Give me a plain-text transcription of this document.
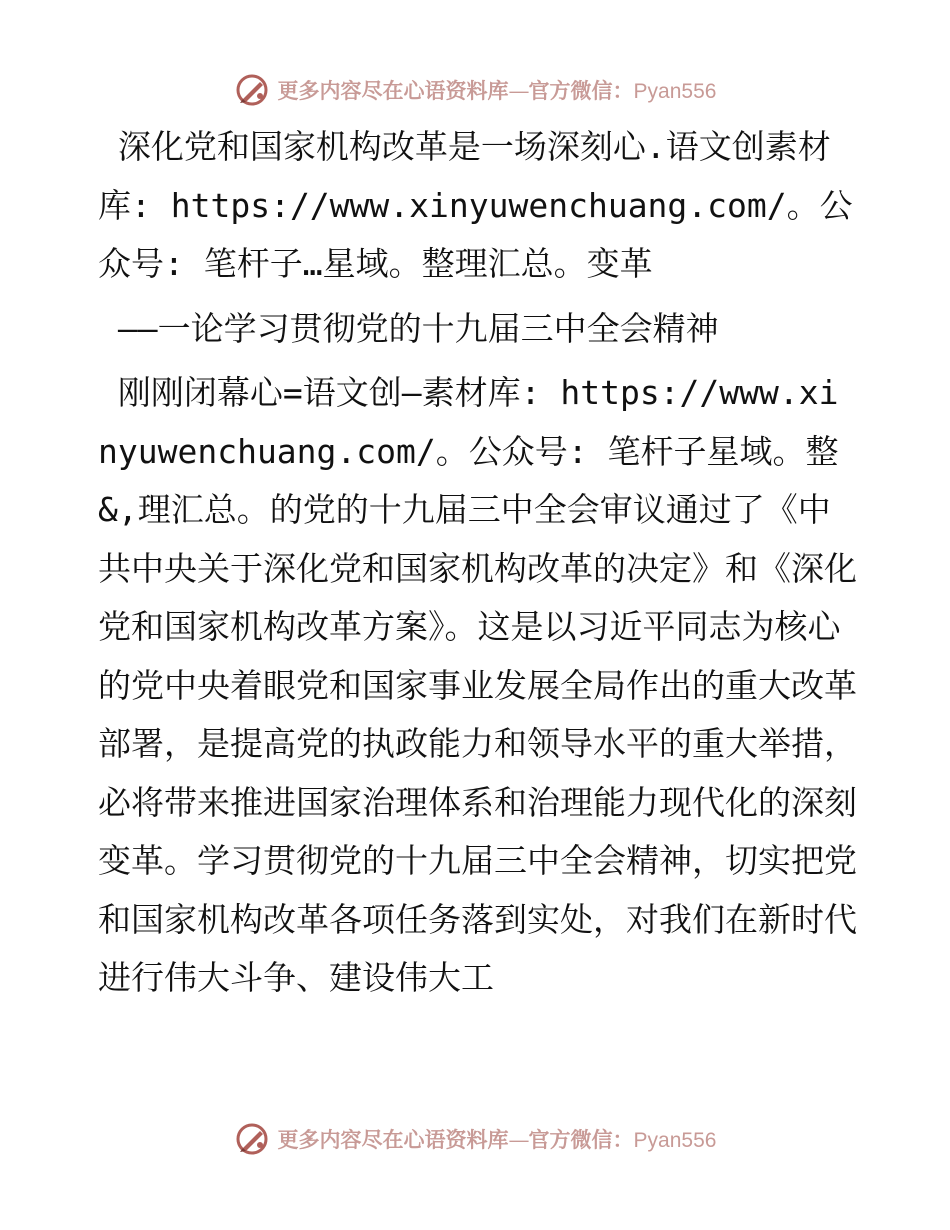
更多内容尽在心语资料库—官方微信：Pyan556

深化党和国家机构改革是一场深刻心.语文创素材库: https://www.xinyuwenchuang.com/。公众号: 笔杆子…星域。整理汇总。变革

——一论学习贯彻党的十九届三中全会精神

刚刚闭幕心=语文创—素材库: https://www.xinyuwenchuang.com/。公众号: 笔杆子星域。整&,理汇总。的党的十九届三中全会审议通过了《中共中央关于深化党和国家机构改革的决定》和《深化党和国家机构改革方案》。这是以习近平同志为核心的党中央着眼党和国家事业发展全局作出的重大改革部署，是提高党的执政能力和领导水平的重大举措，必将带来推进国家治理体系和治理能力现代化的深刻变革。学习贯彻党的十九届三中全会精神，切实把党和国家机构改革各项任务落到实处，对我们在新时代进行伟大斗争、建设伟大工

更多内容尽在心语资料库—官方微信：Pyan556
